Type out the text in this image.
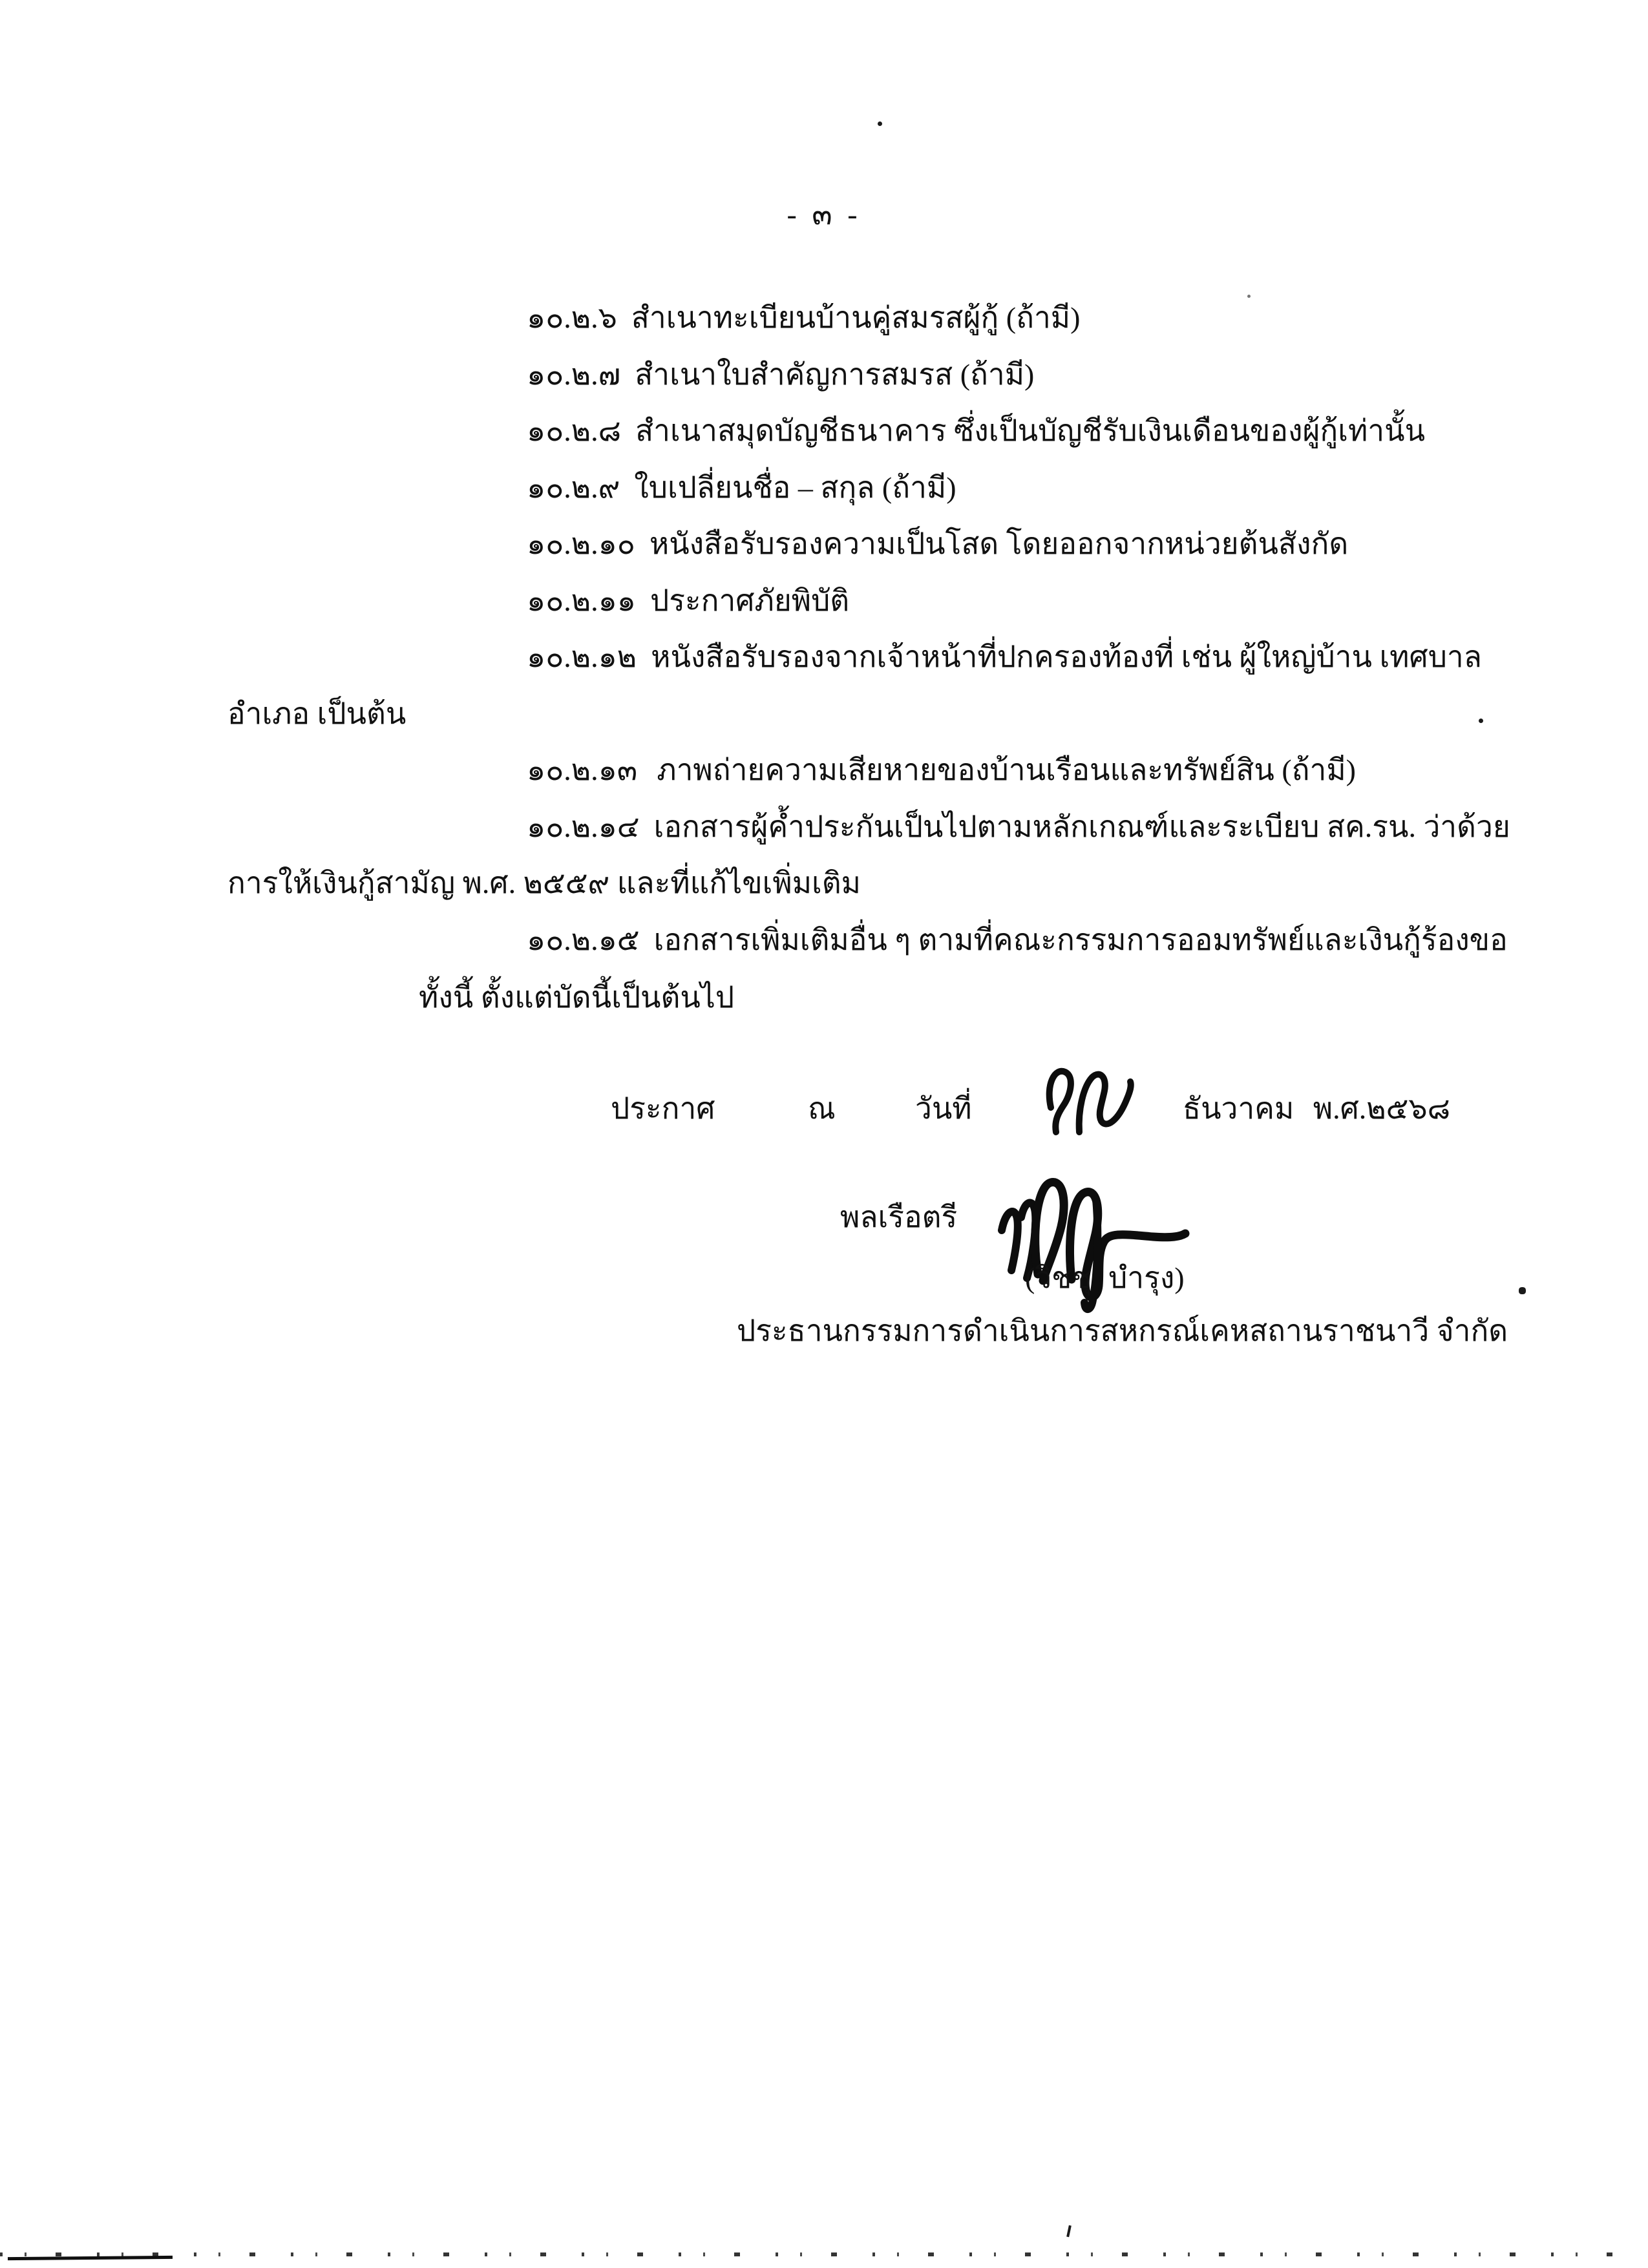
- ๓ -
๑๐.๒.๖ สำเนาทะเบียนบ้านคู่สมรสผู้กู้ (ถ้ามี)
๑๐.๒.๗ สำเนาใบสำคัญการสมรส (ถ้ามี)
๑๐.๒.๘ สำเนาสมุดบัญชีธนาคาร ซึ่งเป็นบัญชีรับเงินเดือนของผู้กู้เท่านั้น
๑๐.๒.๙ ใบเปลี่ยนชื่อ – สกุล (ถ้ามี)
๑๐.๒.๑๐ หนังสือรับรองความเป็นโสด โดยออกจากหน่วยต้นสังกัด
๑๐.๒.๑๑ ประกาศภัยพิบัติ
๑๐.๒.๑๒ หนังสือรับรองจากเจ้าหน้าที่ปกครองท้องที่ เช่น ผู้ใหญ่บ้าน เทศบาล
อำเภอ เป็นต้น
๑๐.๒.๑๓ ภาพถ่ายความเสียหายของบ้านเรือนและทรัพย์สิน (ถ้ามี)
๑๐.๒.๑๔ เอกสารผู้ค้ำประกันเป็นไปตามหลักเกณฑ์และระเบียบ สค.รน. ว่าด้วย
การให้เงินกู้สามัญ พ.ศ. ๒๕๕๙ และที่แก้ไขเพิ่มเติม
๑๐.๒.๑๕ เอกสารเพิ่มเติมอื่น ๆ ตามที่คณะกรรมการออมทรัพย์และเงินกู้ร้องขอ
ทั้งนี้ ตั้งแต่บัดนี้เป็นต้นไป
ประกาศ	ณ	วันที่	ธันวาคม พ.ศ.๒๕๖๘
พลเรือตรี
(วิชชุ บำรุง)
ประธานกรรมการดำเนินการสหกรณ์เคหสถานราชนาวี จำกัด
